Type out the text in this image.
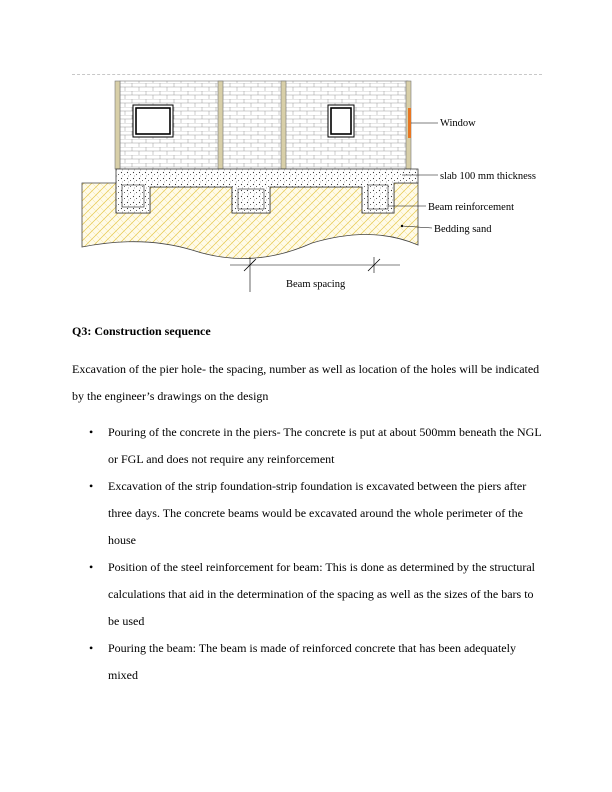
Window
slab 100 mm thickness
Beam reinforcement
Bedding sand
Beam spacing
Q3: Construction sequence
Excavation of the pier hole- the spacing, number as well as location of the holes will be indicated by the engineer’s drawings on the design
• Pouring of the concrete in the piers- The concrete is put at about 500mm beneath the NGL or FGL and does not require any reinforcement
• Excavation of the strip foundation-strip foundation is excavated between the piers after three days. The concrete beams would be excavated around the whole perimeter of the house
• Position of the steel reinforcement for beam: This is done as determined by the structural calculations that aid in the determination of the spacing as well as the sizes of the bars to be used
• Pouring the beam: The beam is made of reinforced concrete that has been adequately mixed
